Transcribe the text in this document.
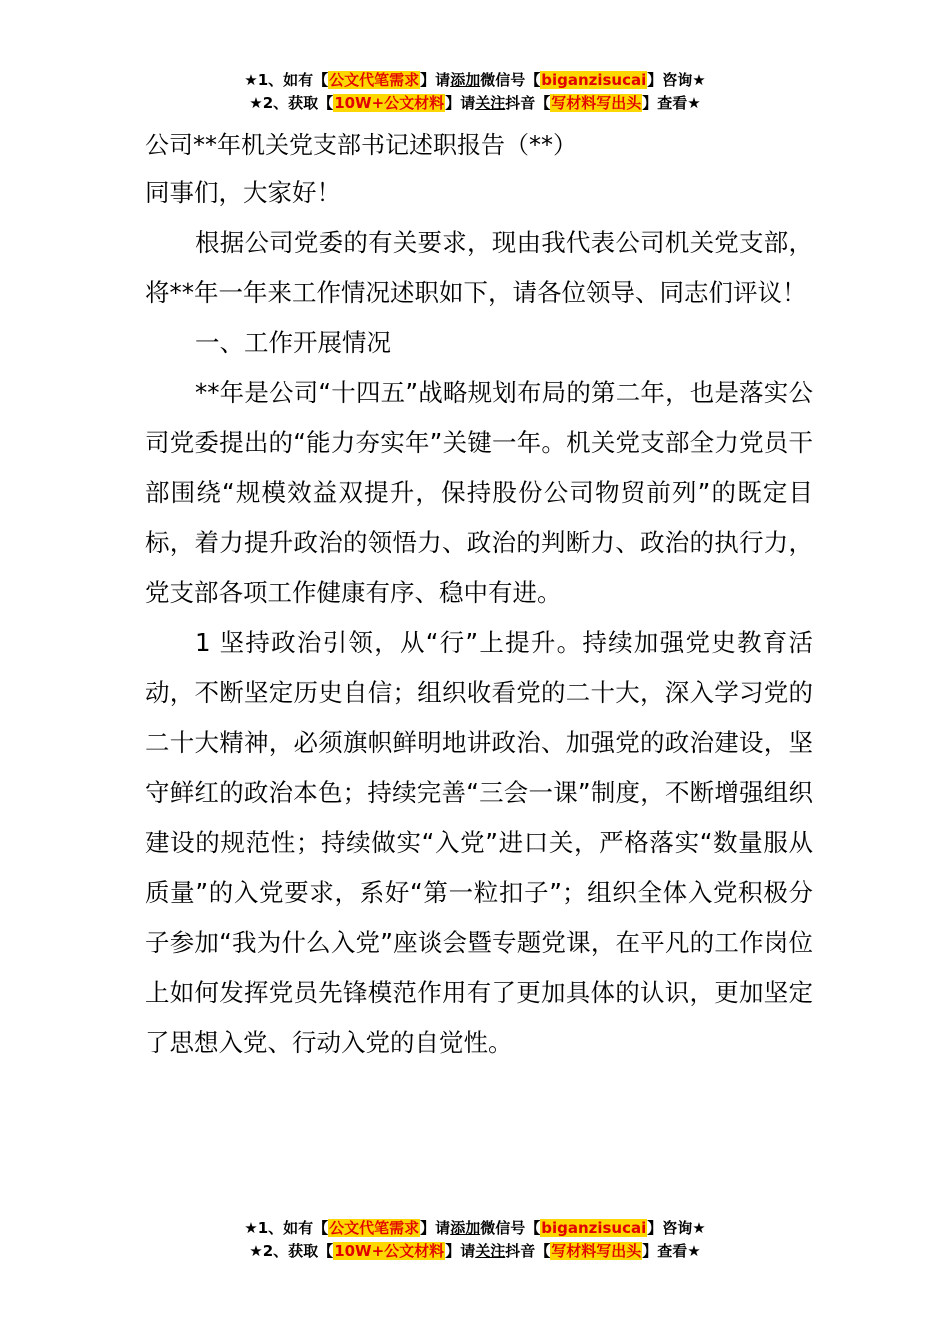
★1、如有【公文代笔需求】请添加微信号【biganzisucai】咨询★
★2、获取【10W+公文材料】请关注抖音【写材料写出头】查看★

公司**年机关党支部书记述职报告（**）

同事们，大家好！

根据公司党委的有关要求，现由我代表公司机关党支部，将**年一年来工作情况述职如下，请各位领导、同志们评议！

一、工作开展情况

**年是公司“十四五”战略规划布局的第二年，也是落实公司党委提出的“能力夯实年”关键一年。机关党支部全力党员干部围绕“规模效益双提升，保持股份公司物贸前列”的既定目标，着力提升政治的领悟力、政治的判断力、政治的执行力，党支部各项工作健康有序、稳中有进。

1 坚持政治引领，从“行”上提升。持续加强党史教育活动，不断坚定历史自信；组织收看党的二十大，深入学习党的二十大精神，必须旗帜鲜明地讲政治、加强党的政治建设，坚守鲜红的政治本色；持续完善“三会一课”制度，不断增强组织建设的规范性；持续做实“入党”进口关，严格落实“数量服从质量”的入党要求，系好“第一粒扣子”；组织全体入党积极分子参加“我为什么入党”座谈会暨专题党课，在平凡的工作岗位上如何发挥党员先锋模范作用有了更加具体的认识，更加坚定了思想入党、行动入党的自觉性。

★1、如有【公文代笔需求】请添加微信号【biganzisucai】咨询★
★2、获取【10W+公文材料】请关注抖音【写材料写出头】查看★
